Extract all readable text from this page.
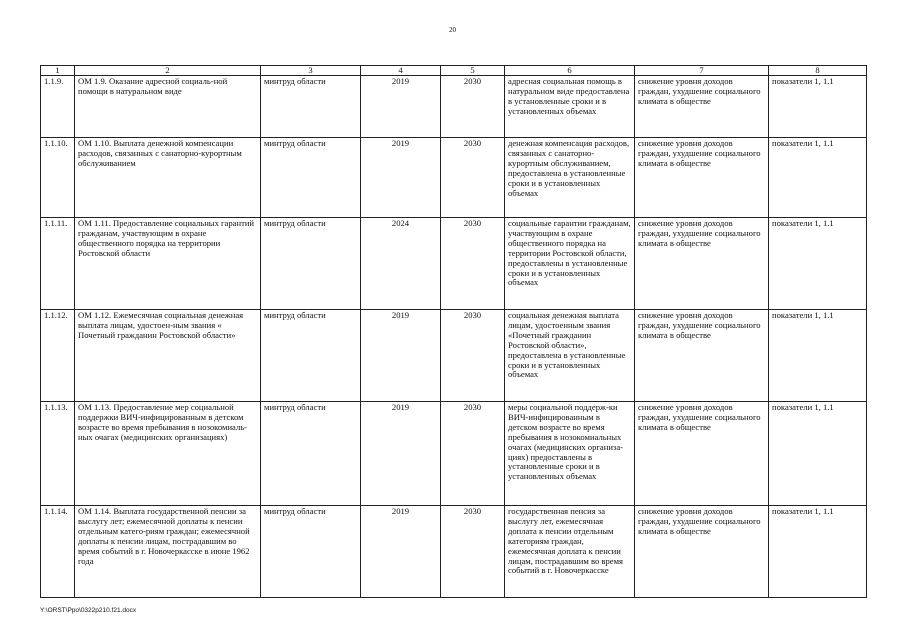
20
1	2	3	4	5	6	7	8
1.1.9.	ОМ 1.9. Оказание адресной социаль-ной помощи в натуральном виде	минтруд области	2019	2030	адресная социальная помощь в натуральном виде предоставлена в установленные сроки и в установленных объемах	снижение уровня доходов граждан, ухудшение социального климата в обществе	показатели 1, 1.1
1.1.10.	ОМ 1.10. Выплата денежной компенсации расходов, связанных с санаторно-курортным обслуживанием	минтруд области	2019	2030	денежная компенсация расходов, связанных с санаторно-курортным обслуживанием, предоставлена в установленные сроки и в установленных объемах	снижение уровня доходов граждан, ухудшение социального климата в обществе	показатели 1, 1.1
1.1.11.	ОМ 1.11. Предоставление социальных гарантий гражданам, участвующим в охране общественного порядка на территории Ростовской области	минтруд области	2024	2030	социальные гарантии гражданам, участвующим в охране общественного порядка на территории Ростовской области, предоставлены в установленные сроки и в установленных объемах	снижение уровня доходов граждан, ухудшение социального климата в обществе	показатели 1, 1.1
1.1.12.	ОМ 1.12. Ежемесячная социальная денежная выплата лицам, удостоен-ным звания « Почетный гражданин Ростовской области»	минтруд области	2019	2030	социальная денежная выплата лицам, удостоенным звания «Почетный гражданин Ростовской области», предоставлена в установленные сроки и в установленных объемах	снижение уровня доходов граждан, ухудшение социального климата в обществе	показатели 1, 1.1
1.1.13.	ОМ 1.13. Предоставление мер социальной поддержки ВИЧ-инфицированным в детском возрасте во время пребывания в нозокомиаль-ных очагах (медицинских организациях)	минтруд области	2019	2030	меры социальной поддерж-ки ВИЧ-инфицированным в детском возрасте во время пребывания в нозокомиальных очагах (медицинских организа-циях) предоставлены в установленные сроки и в установленных объемах	снижение уровня доходов граждан, ухудшение социального климата в обществе	показатели 1, 1.1
1.1.14.	ОМ 1.14. Выплата государственной пенсии за выслугу лет; ежемесячной доплаты к пенсии отдельным катего-риям граждан; ежемесячной доплаты к пенсии лицам, пострадавшим во время событий в г. Новочеркасске в июне 1962 года	минтруд области	2019	2030	государственная пенсия за выслугу лет, ежемесячная доплата к пенсии отдельным категориям граждан, ежемесячная доплата к пенсии лицам, пострадавшим во время событий в г. Новочеркасске	снижение уровня доходов граждан, ухудшение социального климата в обществе	показатели 1, 1.1
Y:\ORST\Ppo\0322p210.f21.docx
